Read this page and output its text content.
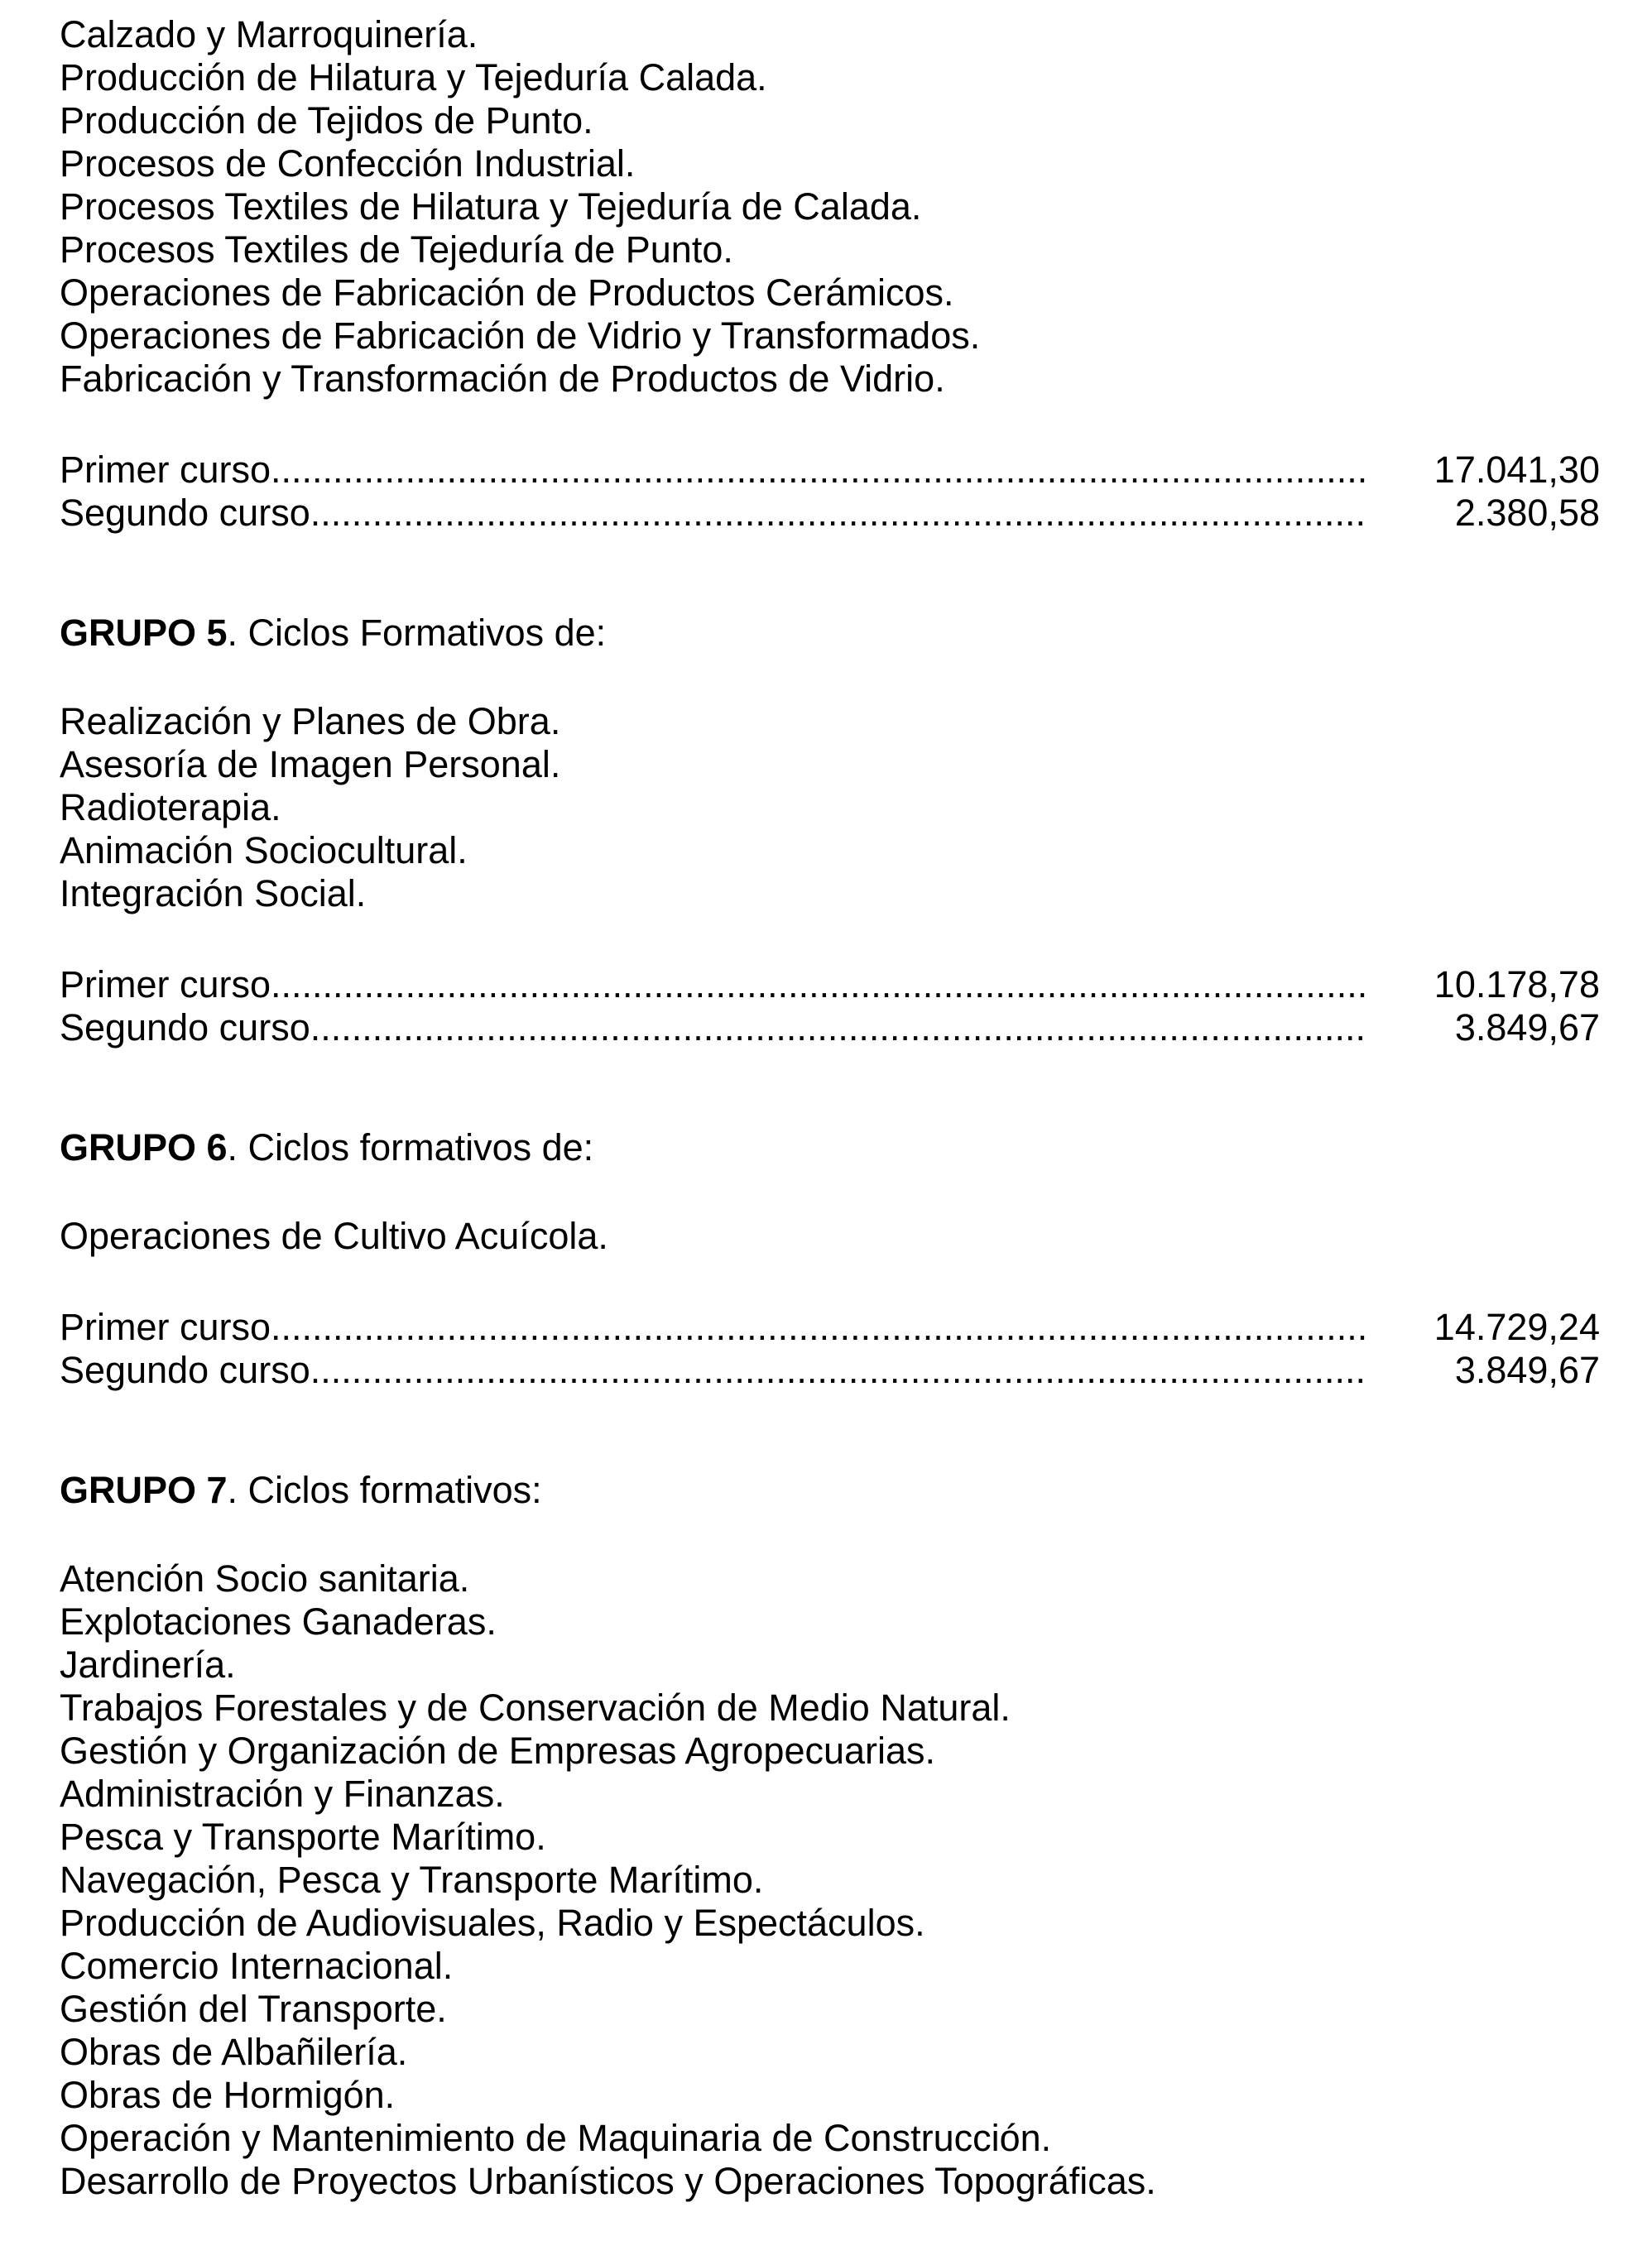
Calzado y Marroquinería.
Producción de Hilatura y Tejeduría Calada.
Producción de Tejidos de Punto.
Procesos de Confección Industrial.
Procesos Textiles de Hilatura y Tejeduría de Calada.
Procesos Textiles de Tejeduría de Punto.
Operaciones de Fabricación de Productos Cerámicos.
Operaciones de Fabricación de Vidrio y Transformados.
Fabricación y Transformación de Productos de Vidrio.
Primer curso .....	17.041,30
Segundo curso .....	2.380,58
GRUPO 5. Ciclos Formativos de:
Realización y Planes de Obra.
Asesoría de Imagen Personal.
Radioterapia.
Animación Sociocultural.
Integración Social.
Primer curso .....	10.178,78
Segundo curso .....	3.849,67
GRUPO 6. Ciclos formativos de:
Operaciones de Cultivo Acuícola.
Primer curso .....	14.729,24
Segundo curso .....	3.849,67
GRUPO 7. Ciclos formativos:
Atención Socio sanitaria.
Explotaciones Ganaderas.
Jardinería.
Trabajos Forestales y de Conservación de Medio Natural.
Gestión y Organización de Empresas Agropecuarias.
Administración y Finanzas.
Pesca y Transporte Marítimo.
Navegación, Pesca y Transporte Marítimo.
Producción de Audiovisuales, Radio y Espectáculos.
Comercio Internacional.
Gestión del Transporte.
Obras de Albañilería.
Obras de Hormigón.
Operación y Mantenimiento de Maquinaria de Construcción.
Desarrollo de Proyectos Urbanísticos y Operaciones Topográficas.
